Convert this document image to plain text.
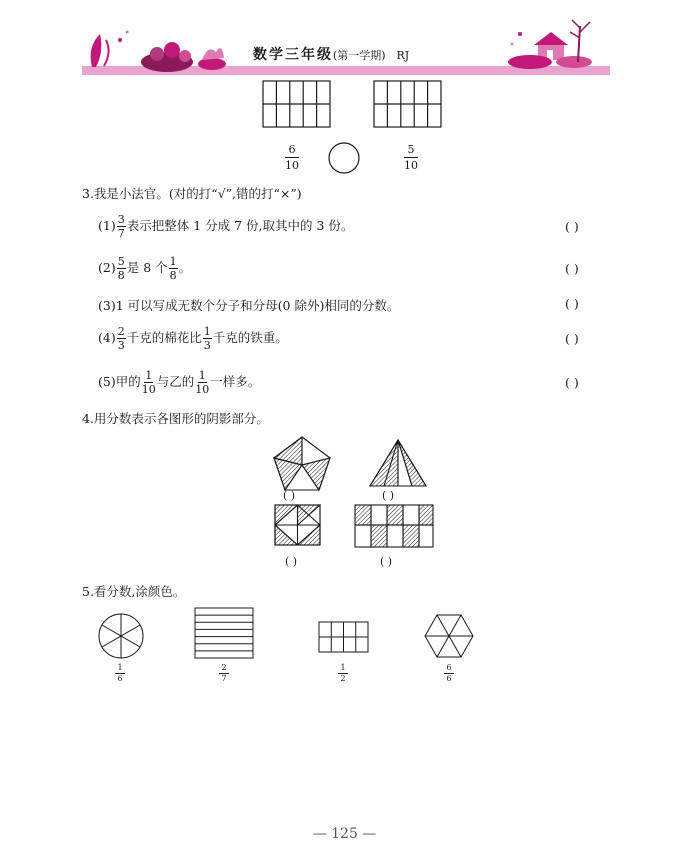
数学三年级(第一学期) RJ
$\frac{6}{10}$	$\frac{5}{10}$
3.我是小法官。(对的打“√”,错的打“×”)
$(1) \frac{3}{7}$ 表示把整体 1 分成 7 份,取其中的 3 份。	( )
$(2) \frac{5}{8}$ 是 8 个 $\frac{1}{8}$ 。	( )
(3)1 可以写成无数个分子和分母(0 除外)相同的分数。	( )
$(4) \frac{2}{3}$ 千克的棉花比 $\frac{1}{3}$ 千克的铁重。	( )
(5)甲的 $\frac{1}{10}$ 与乙的 $\frac{1}{10}$ 一样多。	( )
4.用分数表示各图形的阴影部分。
( )	( )
( )	( )
5.看分数,涂颜色。
$\frac{1}{6}$	$\frac{2}{7}$	$\frac{1}{2}$	$\frac{6}{6}$
— 125 —
